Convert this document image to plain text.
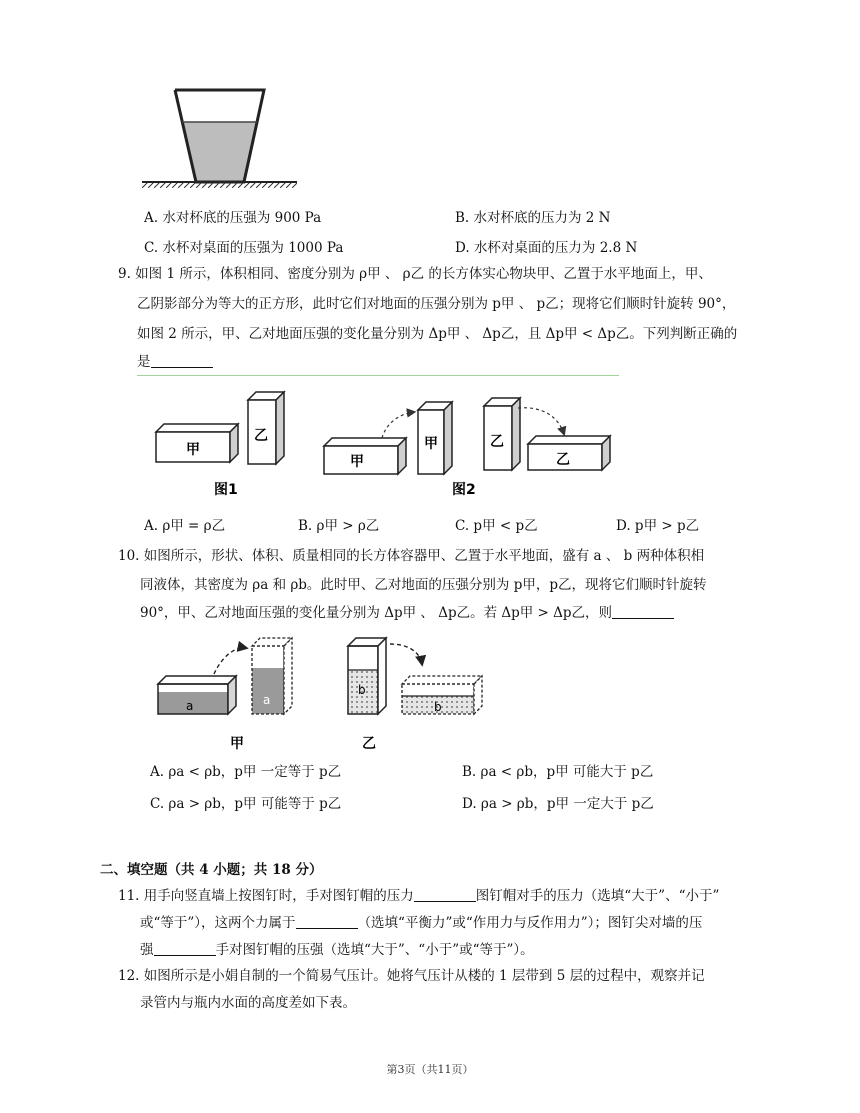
A. 水对杯底的压强为 900 Pa	B. 水对杯底的压力为 2 N
C. 水杯对桌面的压强为 1000 Pa	D. 水杯对桌面的压力为 2.8 N
9. 如图 1 所示，体积相同、密度分别为 ρ甲 、 ρ乙 的长方体实心物块甲、乙置于水平地面上，甲、
乙阴影部分为等大的正方形，此时它们对地面的压强分别为 p甲 、 p乙；现将它们顺时针旋转 90°，
如图 2 所示，甲、乙对地面压强的变化量分别为 Δp甲 、 Δp乙，且 Δp甲 < Δp乙。下列判断正确的
是
甲
乙
图1
甲
甲	乙
乙
图2
A. ρ甲 = ρ乙	B. ρ甲 > ρ乙	C. p甲 < p乙	D. p甲 > p乙
10. 如图所示，形状、体积、质量相同的长方体容器甲、乙置于水平地面，盛有 a 、 b 两种体积相
同液体，其密度为 ρa 和 ρb。此时甲、乙对地面的压强分别为 p甲，p乙，现将它们顺时针旋转
90°，甲、乙对地面压强的变化量分别为 Δp甲 、 Δp乙。若 Δp甲 > Δp乙，则
a	a
甲
b
b
乙
A. ρa < ρb，p甲 一定等于 p乙	B. ρa < ρb，p甲 可能大于 p乙
C. ρa > ρb，p甲 可能等于 p乙	D. ρa > ρb，p甲 一定大于 p乙
二、填空题（共 4 小题；共 18 分）
11. 用手向竖直墙上按图钉时，手对图钉帽的压力	图钉帽对手的压力（选填“大于”、“小于”
或“等于”），这两个力属于	（选填“平衡力”或“作用力与反作用力”）；图钉尖对墙的压
强	手对图钉帽的压强（选填“大于”、“小于”或“等于”）。
12. 如图所示是小娟自制的一个简易气压计。她将气压计从楼的 1 层带到 5 层的过程中，观察并记
录管内与瓶内水面的高度差如下表。
第3页（共11页）
